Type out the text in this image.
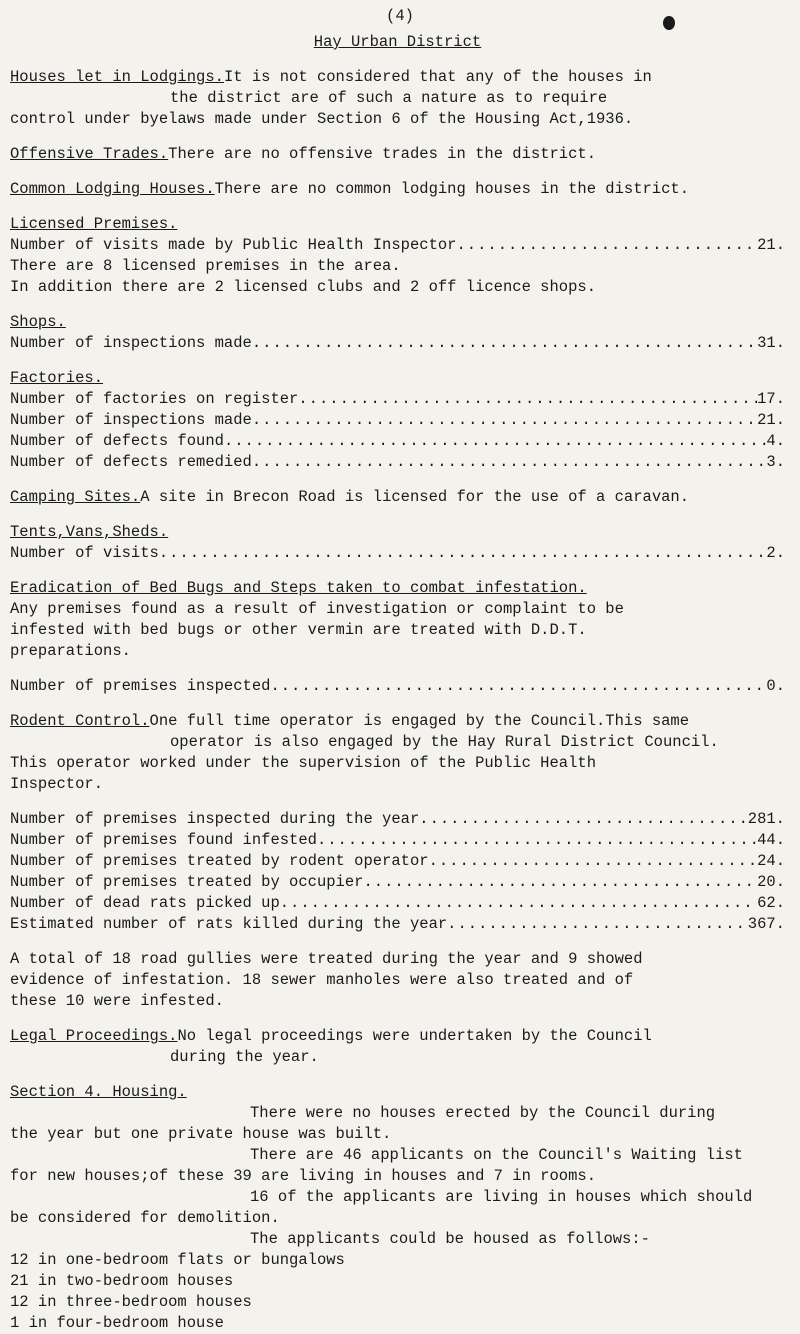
(4)
Hay Urban District

Houses let in Lodgings.It is not considered that any of the houses in

the district are of such a nature as to require

control under byelaws made under Section 6 of the Housing Act,1936.

Offensive Trades.There are no offensive trades in the district.

Common Lodging Houses.There are no common lodging houses in the district.

Licensed Premises.

Number of visits made by Public Health Inspector .....	21.

There are 8 licensed premises in the area.

In addition there are 2 licensed clubs and 2 off licence shops.

Shops.

Number of inspections made .....	31.

Factories.

Number of factories on register .....	17.
Number of inspections made .....	21.
Number of defects found .....	4.
Number of defects remedied .....	3.

Camping Sites.A site in Brecon Road is licensed for the use of a caravan.

Tents,Vans,Sheds.

Number of visits .....	2.

Eradication of Bed Bugs and Steps taken to combat infestation.

Any premises found as a result of investigation or complaint to be

infested with bed bugs or other vermin are treated with D.D.T.

preparations.

Number of premises inspected .....	0.

Rodent Control.One full time operator is engaged by the Council.This same

operator is also engaged by the Hay Rural District Council.

This operator worked under the supervision of the Public Health

Inspector.

Number of premises inspected during the year .....	281.
Number of premises found infested .....	44.
Number of premises treated by rodent operator .....	24.
Number of premises treated by occupier .....	20.
Number of dead rats picked up .....	62.
Estimated number of rats killed during the year .....	367.

A total of 18 road gullies were treated during the year and 9 showed

evidence of infestation. 18 sewer manholes were also treated and of

these 10 were infested.

Legal Proceedings.No legal proceedings were undertaken by the Council

during the year.

Section 4. Housing.

There were no houses erected by the Council during

the year but one private house was built.

There are 46 applicants on the Council's Waiting list

for new houses;of these 39 are living in houses and 7 in rooms.

16 of the applicants are living in houses which should

be considered for demolition.

The applicants could be housed as follows:-

12 in one-bedroom flats or bungalows

21 in two-bedroom houses

12 in three-bedroom houses

1 in four-bedroom house
